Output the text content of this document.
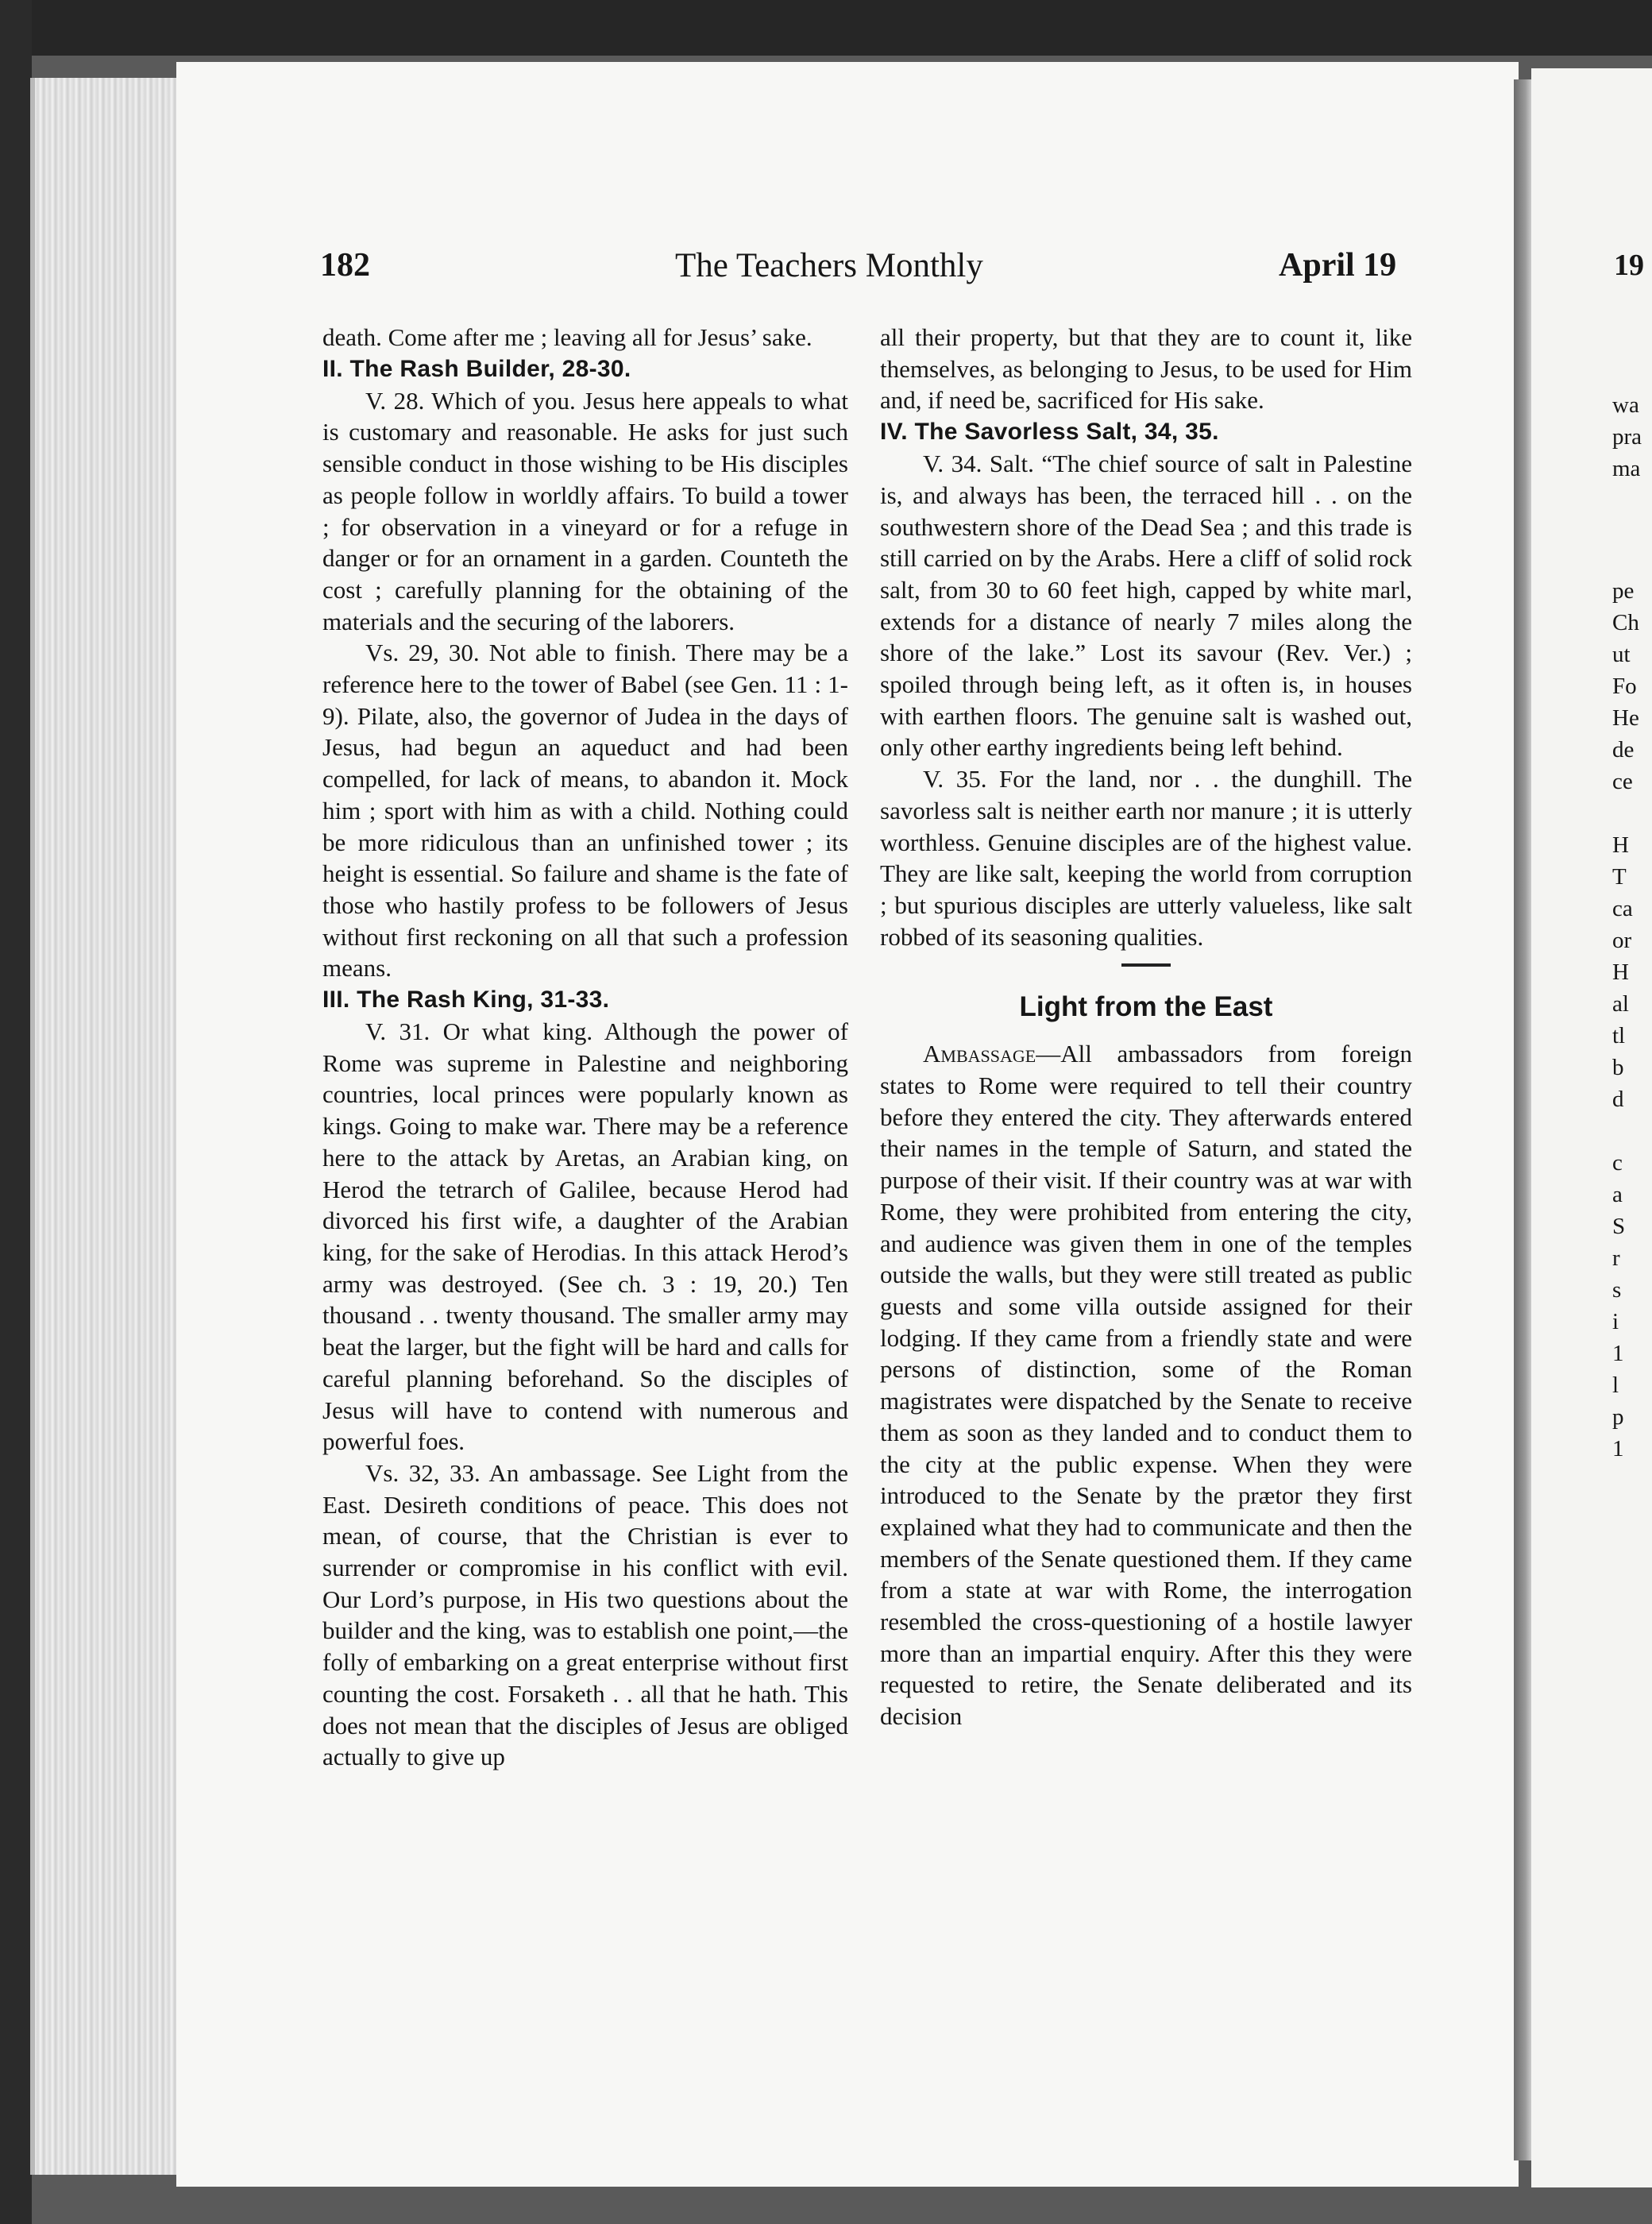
182	The Teachers Monthly	April 19

death. Come after me ; leaving all for Jesus’ sake.

II. The Rash Builder, 28-30.

V. 28. Which of you. Jesus here appeals to what is customary and reasonable. He asks for just such sensible conduct in those wishing to be His disciples as people follow in worldly affairs. To build a tower ; for observation in a vineyard or for a refuge in danger or for an ornament in a garden. Counteth the cost ; carefully planning for the obtaining of the materials and the securing of the laborers.

Vs. 29, 30. Not able to finish. There may be a reference here to the tower of Babel (see Gen. 11 : 1-9). Pilate, also, the governor of Judea in the days of Jesus, had begun an aqueduct and had been compelled, for lack of means, to abandon it. Mock him ; sport with him as with a child. Nothing could be more ridiculous than an unfinished tower ; its height is essential. So failure and shame is the fate of those who hastily profess to be followers of Jesus without first reckoning on all that such a profession means.

III. The Rash King, 31-33.

V. 31. Or what king. Although the power of Rome was supreme in Palestine and neighboring countries, local princes were popularly known as kings. Going to make war. There may be a reference here to the attack by Aretas, an Arabian king, on Herod the tetrarch of Galilee, because Herod had divorced his first wife, a daughter of the Arabian king, for the sake of Herodias. In this attack Herod’s army was destroyed. (See ch. 3 : 19, 20.) Ten thousand . . twenty thousand. The smaller army may beat the larger, but the fight will be hard and calls for careful planning beforehand. So the disciples of Jesus will have to contend with numerous and powerful foes.

Vs. 32, 33. An ambassage. See Light from the East. Desireth conditions of peace. This does not mean, of course, that the Christian is ever to surrender or compromise in his conflict with evil. Our Lord’s purpose, in His two questions about the builder and the king, was to establish one point,—the folly of embarking on a great enterprise without first counting the cost. Forsaketh . . all that he hath. This does not mean that the disciples of Jesus are obliged actually to give up

all their property, but that they are to count it, like themselves, as belonging to Jesus, to be used for Him and, if need be, sacrificed for His sake.

IV. The Savorless Salt, 34, 35.

V. 34. Salt. “The chief source of salt in Palestine is, and always has been, the terraced hill . . on the southwestern shore of the Dead Sea ; and this trade is still carried on by the Arabs. Here a cliff of solid rock salt, from 30 to 60 feet high, capped by white marl, extends for a distance of nearly 7 miles along the shore of the lake.” Lost its savour (Rev. Ver.) ; spoiled through being left, as it often is, in houses with earthen floors. The genuine salt is washed out, only other earthy ingredients being left behind.

V. 35. For the land, nor . . the dunghill. The savorless salt is neither earth nor manure ; it is utterly worthless. Genuine disciples are of the highest value. They are like salt, keeping the world from corruption ; but spurious disciples are utterly valueless, like salt robbed of its seasoning qualities.

Light from the East

Ambassage—All ambassadors from foreign states to Rome were required to tell their country before they entered the city. They afterwards entered their names in the temple of Saturn, and stated the purpose of their visit. If their country was at war with Rome, they were prohibited from entering the city, and audience was given them in one of the temples outside the walls, but they were still treated as public guests and some villa outside assigned for their lodging. If they came from a friendly state and were persons of distinction, some of the Roman magistrates were dispatched by the Senate to receive them as soon as they landed and to conduct them to the city at the public expense. When they were introduced to the Senate by the prætor they first explained what they had to communicate and then the members of the Senate questioned them. If they came from a state at war with Rome, the interrogation resembled the cross-questioning of a hostile lawyer more than an impartial enquiry. After this they were requested to retire, the Senate deliberated and its decision

19
wa
pra
ma
pe
Ch
ut
Fo
He
de
ce
H
T
ca
or
H
al
tl
b
d
c
a
S
r
s
i
1
l
p
1
